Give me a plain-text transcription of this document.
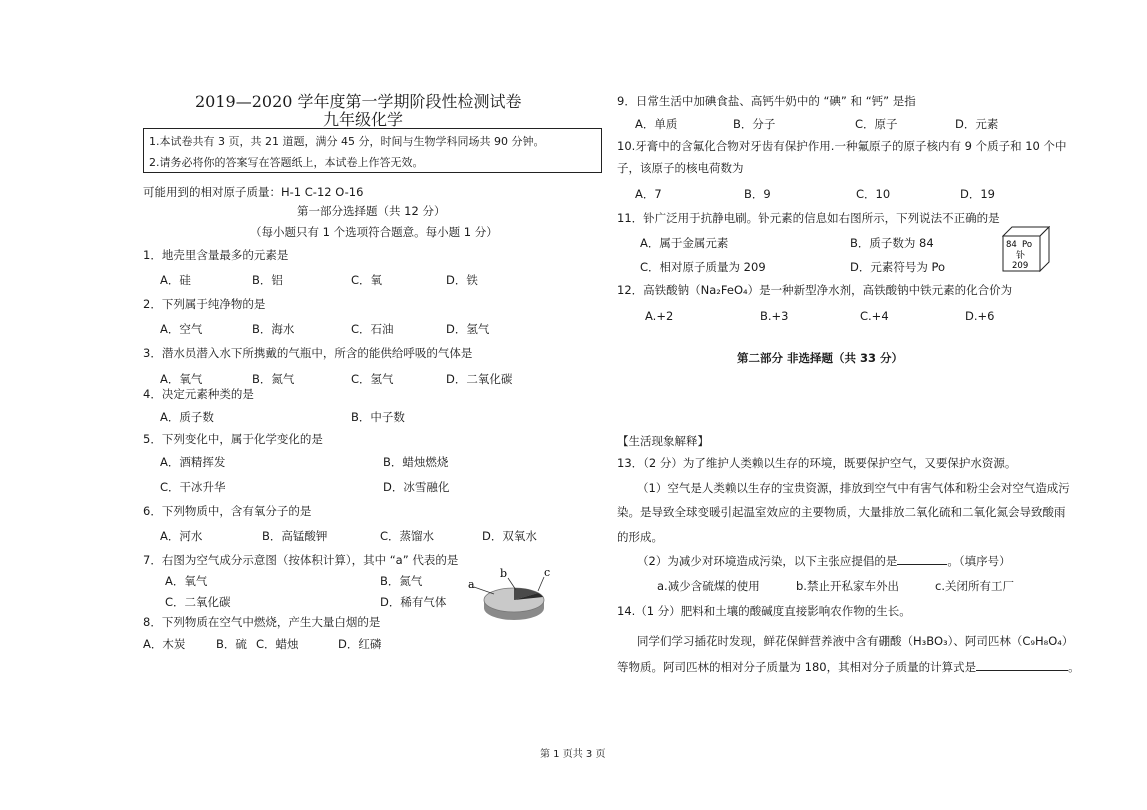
2019—2020 学年度第一学期阶段性检测试卷
九年级化学
1.本试卷共有 3 页，共 21 道题，满分 45 分，时间与生物学科同场共 90 分钟。
2.请务必将你的答案写在答题纸上，本试卷上作答无效。
可能用到的相对原子质量：H-1 C-12 O-16
第一部分选择题（共 12 分）
（每小题只有 1 个选项符合题意。每小题 1 分）
1．地壳里含量最多的元素是
A．硅	B．铝	C．氧	D．铁
2．下列属于纯净物的是
A．空气	B．海水	C．石油	D．氢气
3．潜水员潜入水下所携戴的气瓶中，所含的能供给呼吸的气体是
A．氧气	B．氮气	C．氢气	D．二氧化碳
4．决定元素种类的是
A．质子数	B．中子数
5．下列变化中，属于化学变化的是
A．酒精挥发	B．蜡烛燃烧
C．干冰升华	D．冰雪融化
6．下列物质中，含有氧分子的是
A．河水	B．高锰酸钾	C．蒸馏水	D．双氧水
7．右图为空气成分示意图（按体积计算），其中 “a” 代表的是
A．氧气	B．氮气
C．二氧化碳	D．稀有气体
a
b	c
8．下列物质在空气中燃烧，产生大量白烟的是
A．木炭	B．硫 C．蜡烛	D．红磷
9．日常生活中加碘食盐、高钙牛奶中的 “碘” 和 “钙” 是指
A．单质	B．分子	C．原子	D．元素
10.牙膏中的含氟化合物对牙齿有保护作用.一种氟原子的原子核内有 9 个质子和 10 个中
子，该原子的核电荷数为
A．7	B．9	C．10	D．19
11．钋广泛用于抗静电刷。钋元素的信息如右图所示，下列说法不正确的是
A．属于金属元素	B．质子数为 84
C．相对原子质量为 209	D．元素符号为 Po
84 Po
钋
209
12．高铁酸钠（Na₂FeO₄）是一种新型净水剂，高铁酸钠中铁元素的化合价为
A.+2	B.+3	C.+4	D.+6
第二部分 非选择题（共 33 分）
【生活现象解释】
13．（2 分）为了维护人类赖以生存的环境，既要保护空气，又要保护水资源。
（1）空气是人类赖以生存的宝贵资源，排放到空气中有害气体和粉尘会对空气造成污
染。是导致全球变暖引起温室效应的主要物质，大量排放二氧化硫和二氧化氮会导致酸雨
的形成。
（2）为减少对环境造成污染，以下主张应提倡的是	。（填序号）
a.减少含硫煤的使用	b.禁止开私家车外出	c.关闭所有工厂
14.（1 分）肥料和土壤的酸碱度直接影响农作物的生长。
同学们学习插花时发现，鲜花保鲜营养液中含有硼酸（H₃BO₃）、阿司匹林（C₉H₈O₄）
等物质。阿司匹林的相对分子质量为 180，其相对分子质量的计算式是	。
第 1 页共 3 页
